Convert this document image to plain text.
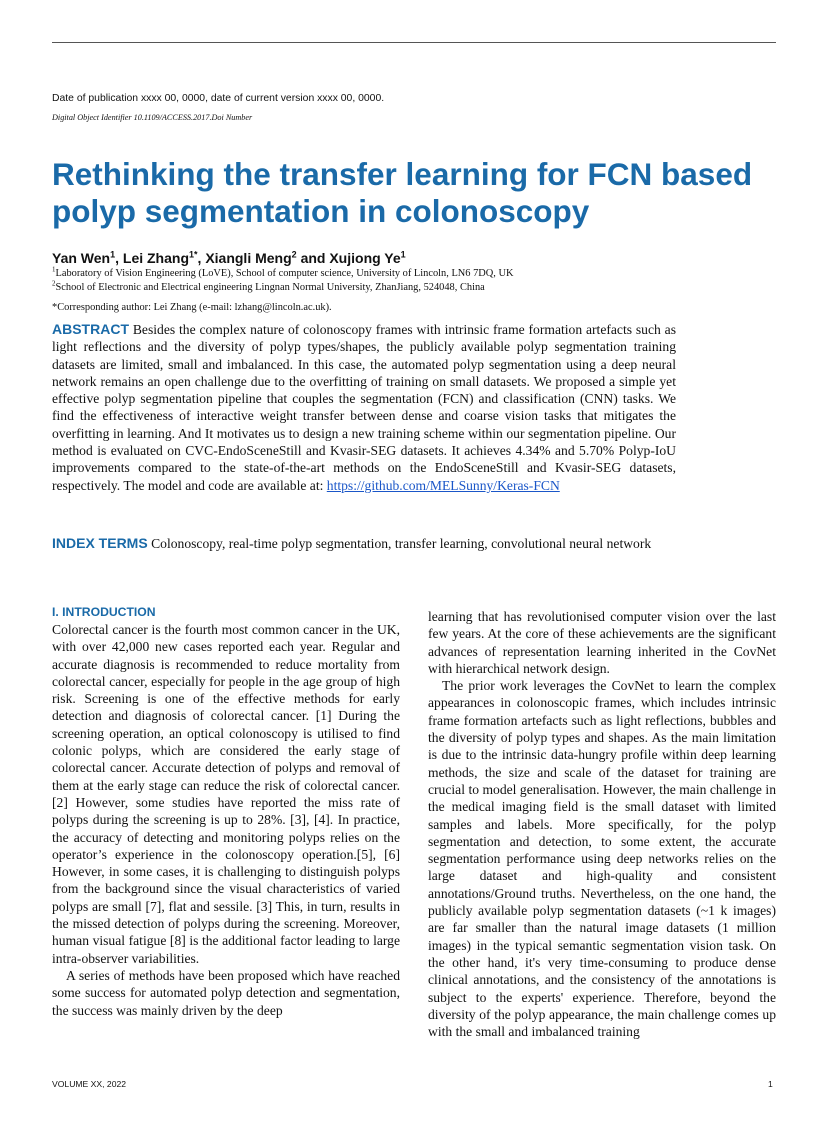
Date of publication xxxx 00, 0000, date of current version xxxx 00, 0000.
Digital Object Identifier 10.1109/ACCESS.2017.Doi Number
Rethinking the transfer learning for FCN based polyp segmentation in colonoscopy
Yan Wen$^1$, Lei Zhang$^{1*}$, Xiangli Meng$^2$ and Xujiong Ye$^1$
$^1$Laboratory of Vision Engineering (LoVE), School of computer science, University of Lincoln, LN6 7DQ, UK
$^2$School of Electronic and Electrical engineering Lingnan Normal University, ZhanJiang, 524048, China
*Corresponding author: Lei Zhang (e-mail: lzhang@lincoln.ac.uk).
ABSTRACT Besides the complex nature of colonoscopy frames with intrinsic frame formation artefacts such as light reflections and the diversity of polyp types/shapes, the publicly available polyp segmentation training datasets are limited, small and imbalanced. In this case, the automated polyp segmentation using a deep neural network remains an open challenge due to the overfitting of training on small datasets. We proposed a simple yet effective polyp segmentation pipeline that couples the segmentation (FCN) and classification (CNN) tasks. We find the effectiveness of interactive weight transfer between dense and coarse vision tasks that mitigates the overfitting in learning. And It motivates us to design a new training scheme within our segmentation pipeline. Our method is evaluated on CVC-EndoSceneStill and Kvasir-SEG datasets. It achieves 4.34% and 5.70% Polyp-IoU improvements compared to the state-of-the-art methods on the EndoSceneStill and Kvasir-SEG datasets, respectively. The model and code are available at: https://github.com/MELSunny/Keras-FCN
INDEX TERMS Colonoscopy, real-time polyp segmentation, transfer learning, convolutional neural network
I. INTRODUCTION

Colorectal cancer is the fourth most common cancer in the UK, with over 42,000 new cases reported each year. Regular and accurate diagnosis is recommended to reduce mortality from colorectal cancer, especially for people in the age group of high risk. Screening is one of the effective methods for early detection and diagnosis of colorectal cancer. [1] During the screening operation, an optical colonoscopy is utilised to find colonic polyps, which are considered the early stage of colorectal cancer. Accurate detection of polyps and removal of them at the early stage can reduce the risk of colorectal cancer. [2] However, some studies have reported the miss rate of polyps during the screening is up to 28%. [3], [4]. In practice, the accuracy of detecting and monitoring polyps relies on the operator’s experience in the colonoscopy operation.[5], [6] However, in some cases, it is challenging to distinguish polyps from the background since the visual characteristics of varied polyps are small [7], flat and sessile. [3] This, in turn, results in the missed detection of polyps during the screening. Moreover, human visual fatigue [8] is the additional factor leading to large intra-observer variabilities.

A series of methods have been proposed which have reached some success for automated polyp detection and segmentation, the success was mainly driven by the deep

learning that has revolutionised computer vision over the last few years. At the core of these achievements are the significant advances of representation learning inherited in the CovNet with hierarchical network design.

The prior work leverages the CovNet to learn the complex appearances in colonoscopic frames, which includes intrinsic frame formation artefacts such as light reflections, bubbles and the diversity of polyp types and shapes. As the main limitation is due to the intrinsic data-hungry profile within deep learning methods, the size and scale of the dataset for training are crucial to model generalisation. However, the main challenge in the medical imaging field is the small dataset with limited samples and labels. More specifically, for the polyp segmentation and detection, to some extent, the accurate segmentation performance using deep networks relies on the large dataset and high-quality and consistent annotations/Ground truths. Nevertheless, on the one hand, the publicly available polyp segmentation datasets (~1 k images) are far smaller than the natural image datasets (1 million images) in the typical semantic segmentation vision task. On the other hand, it's very time-consuming to produce dense clinical annotations, and the consistency of the annotations is subject to the experts' experience. Therefore, beyond the diversity of the polyp appearance, the main challenge comes up with the small and imbalanced training

VOLUME XX, 2022	1
